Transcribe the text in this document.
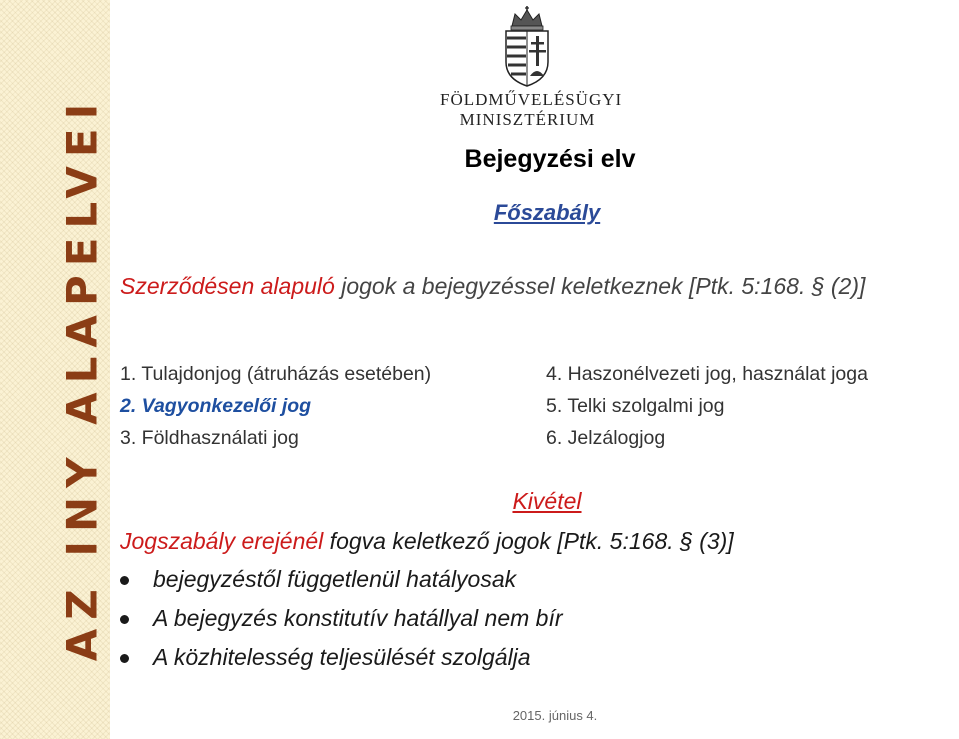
AZ INY ALAPELVEI	FÖLDMŰVELÉSÜGYI
MINISZTÉRIUM
Bejegyzési elv
Főszabály
Szerződésen alapuló jogok a bejegyzéssel keletkeznek [Ptk. 5:168. § (2)]
1. Tulajdonjog (átruházás esetében)
2. Vagyonkezelői jog
3. Földhasználati jog
4. Haszonélvezeti jog, használat joga
5. Telki szolgalmi jog
6. Jelzálogjog
Kivétel
Jogszabály erejénél fogva keletkező jogok [Ptk. 5:168. § (3)]
bejegyzéstől függetlenül hatályosak
A bejegyzés konstitutív hatállyal nem bír
A közhitelesség teljesülését szolgálja
2015. június 4.
